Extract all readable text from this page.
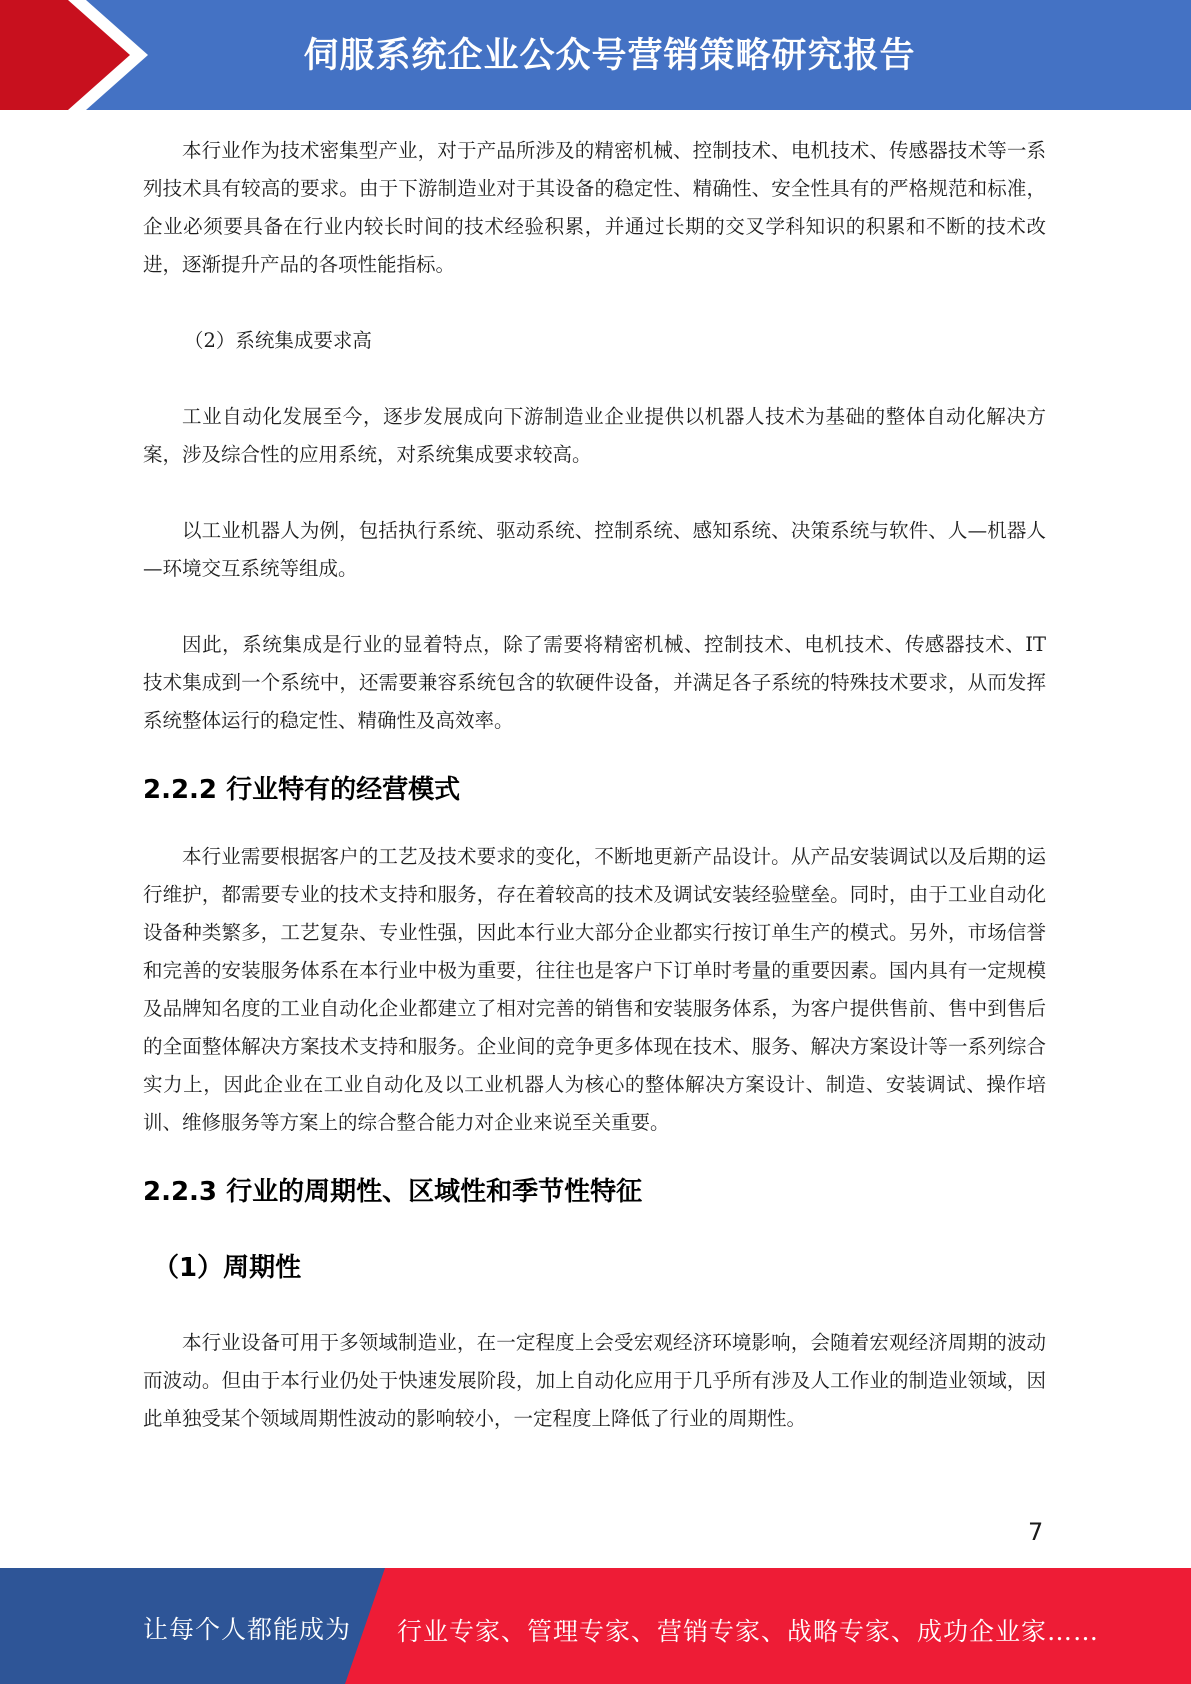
伺服系统企业公众号营销策略研究报告

本行业作为技术密集型产业，对于产品所涉及的精密机械、控制技术、电机技术、传感器技术等一系列技术具有较高的要求。由于下游制造业对于其设备的稳定性、精确性、安全性具有的严格规范和标准，企业必须要具备在行业内较长时间的技术经验积累，并通过长期的交叉学科知识的积累和不断的技术改进，逐渐提升产品的各项性能指标。

（2）系统集成要求高

工业自动化发展至今，逐步发展成向下游制造业企业提供以机器人技术为基础的整体自动化解决方案，涉及综合性的应用系统，对系统集成要求较高。

以工业机器人为例，包括执行系统、驱动系统、控制系统、感知系统、决策系统与软件、人—机器人—环境交互系统等组成。

因此，系统集成是行业的显着特点，除了需要将精密机械、控制技术、电机技术、传感器技术、IT 技术集成到一个系统中，还需要兼容系统包含的软硬件设备，并满足各子系统的特殊技术要求，从而发挥系统整体运行的稳定性、精确性及高效率。

2.2.2 行业特有的经营模式

本行业需要根据客户的工艺及技术要求的变化，不断地更新产品设计。从产品安装调试以及后期的运行维护，都需要专业的技术支持和服务，存在着较高的技术及调试安装经验壁垒。同时，由于工业自动化设备种类繁多，工艺复杂、专业性强，因此本行业大部分企业都实行按订单生产的模式。另外，市场信誉和完善的安装服务体系在本行业中极为重要，往往也是客户下订单时考量的重要因素。国内具有一定规模及品牌知名度的工业自动化企业都建立了相对完善的销售和安装服务体系，为客户提供售前、售中到售后的全面整体解决方案技术支持和服务。企业间的竞争更多体现在技术、服务、解决方案设计等一系列综合实力上，因此企业在工业自动化及以工业机器人为核心的整体解决方案设计、制造、安装调试、操作培训、维修服务等方案上的综合整合能力对企业来说至关重要。

2.2.3 行业的周期性、区域性和季节性特征
（1）周期性

本行业设备可用于多领域制造业，在一定程度上会受宏观经济环境影响，会随着宏观经济周期的波动而波动。但由于本行业仍处于快速发展阶段，加上自动化应用于几乎所有涉及人工作业的制造业领域，因此单独受某个领域周期性波动的影响较小，一定程度上降低了行业的周期性。

7
让每个人都能成为 行业专家、管理专家、营销专家、战略专家、成功企业家……
